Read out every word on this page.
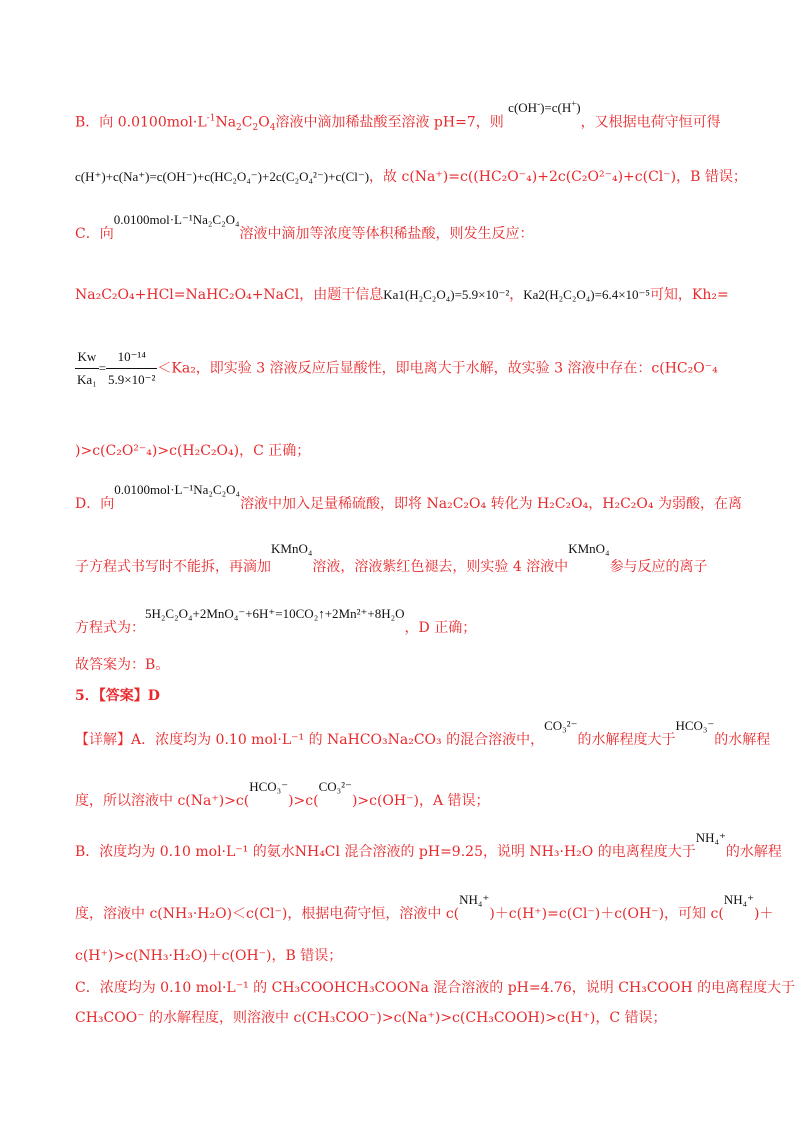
B．向 $0.0100mol\cdot L^{-1}Na_2C_2O_4$溶液中滴加稀盐酸至溶液 pH=7，则 c(OH-)=c(H+)，又根据电荷守恒可得
c(H⁺)+c(Na⁺)=c(OH⁻)+c(HC₂O₄⁻)+2c(C₂O₄²⁻)+c(Cl⁻)，故 c(Na⁺)=c((HC₂O⁻₄)+2c(C₂O²⁻₄)+c(Cl⁻)，B 错误；
C．向0.0100mol·L⁻¹Na₂C₂O₄溶液中滴加等浓度等体积稀盐酸，则发生反应：
Na₂C₂O₄+HCl=NaHC₂O₄+NaCl，由题干信息Ka1(H₂C₂O₄)=5.9×10⁻²，Ka2(H₂C₂O₄)=6.4×10⁻⁵可知，Kh₂=
$\frac{Kw}{\text{Ka₁}} = \frac{\text{10⁻¹⁴}}{\text{5.9×10⁻²}} <Ka_2$，即实验 3 溶液反应后显酸性，即电离大于水解，故实验 3 溶液中存在：c(HC₂O⁻₄
)>c(C₂O²⁻₄)>c(H₂C₂O₄)，C 正确；
D．向0.0100mol·L⁻¹Na₂C₂O₄溶液中加入足量稀硫酸，即将 Na₂C₂O₄ 转化为 H₂C₂O₄，H₂C₂O₄ 为弱酸，在离
子方程式书写时不能拆，再滴加KMnO₄溶液，溶液紫红色褪去，则实验 4 溶液中KMnO₄参与反应的离子
方程式为：5H₂C₂O₄+2MnO₄⁻+6H⁺=10CO₂↑+2Mn²⁺+8H₂O，D 正确；
故答案为：B。
5．【答案】D
【详解】A．浓度均为 0.10 mol·L⁻¹ 的 NaHCO₃Na₂CO₃ 的混合溶液中，CO₃²⁻的水解程度大于HCO₃⁻的水解程
度，所以溶液中 c(Na⁺)>c(HCO₃⁻)>c(CO₃²⁻)>c(OH⁻)，A 错误；
B．浓度均为 0.10 mol·L⁻¹ 的氨水NH₄Cl 混合溶液的 pH=9.25，说明 NH₃·H₂O 的电离程度大于NH₄⁺的水解程
度，溶液中 c(NH₃·H₂O)＜c(Cl⁻)，根据电荷守恒，溶液中 c(NH₄⁺)＋c(H⁺)=c(Cl⁻)＋c(OH⁻)，可知 c(NH₄⁺)＋
c(H⁺)>c(NH₃·H₂O)＋c(OH⁻)，B 错误；
C．浓度均为 0.10 mol·L⁻¹ 的 CH₃COOHCH₃COONa 混合溶液的 pH=4.76，说明 CH₃COOH 的电离程度大于
CH₃COO⁻ 的水解程度，则溶液中 c(CH₃COO⁻)>c(Na⁺)>c(CH₃COOH)>c(H⁺)，C 错误；
